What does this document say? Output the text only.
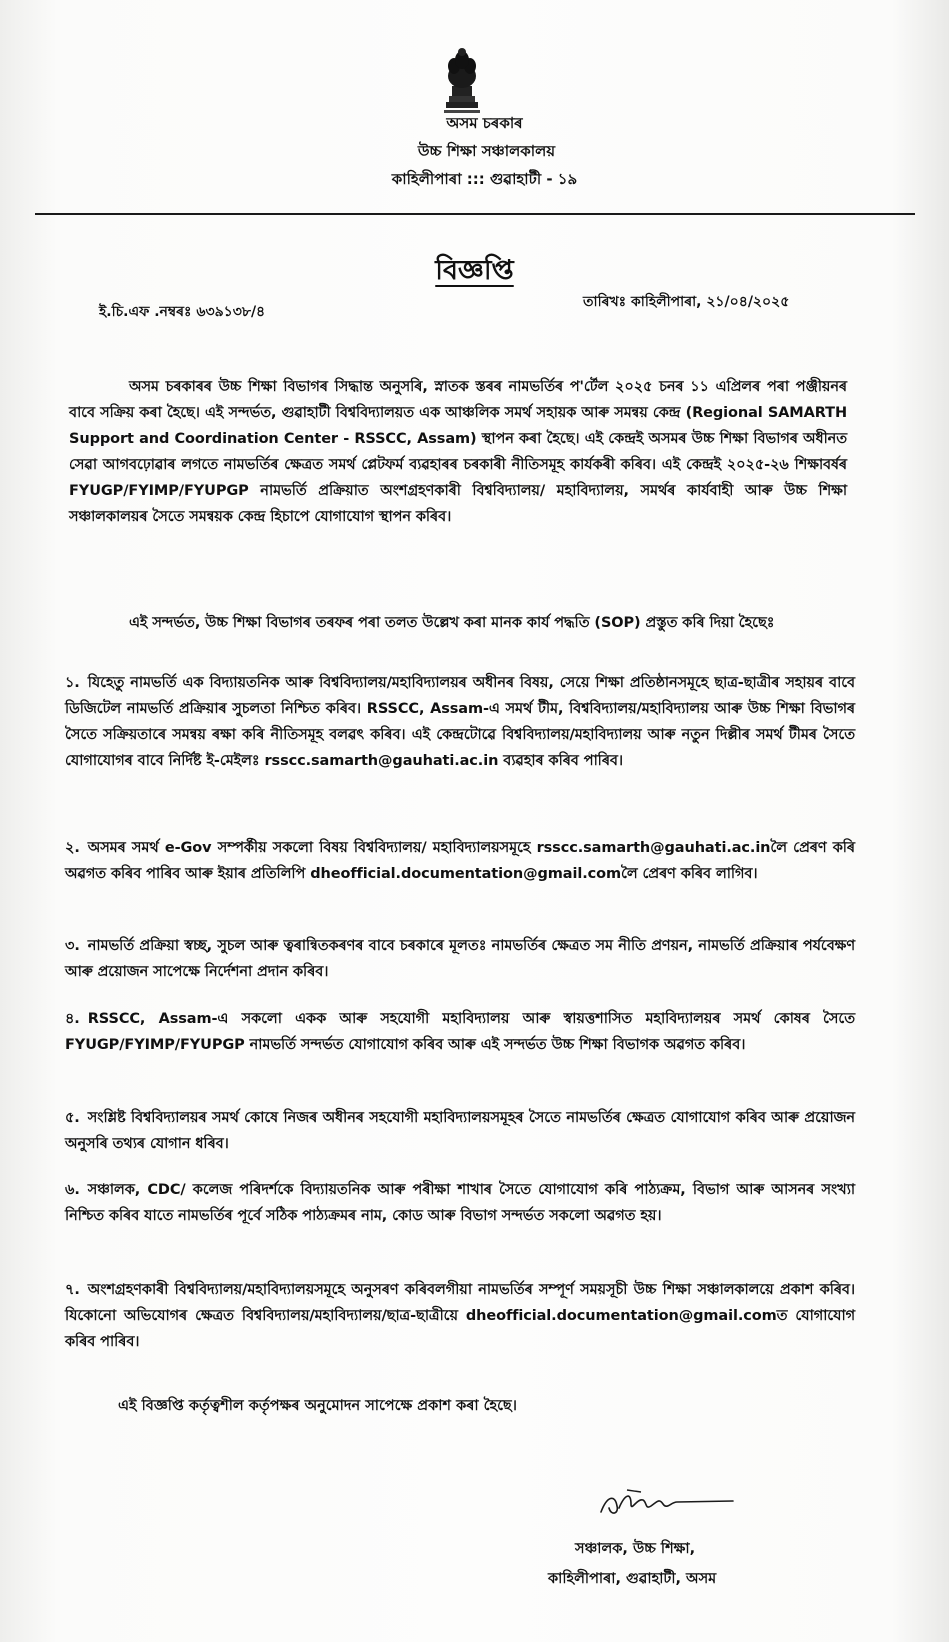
অসম চৰকাৰ
উচ্চ শিক্ষা সঞ্চালকালয়
কাহিলীপাৰা ::: গুৱাহাটী - ১৯
বিজ্ঞপ্তি
ই.চি.এফ .নম্বৰঃ ৬৩৯১৩৮/৪
তাৰিখঃ কাহিলীপাৰা, ২১/০৪/২০২৫
অসম চৰকাৰৰ উচ্চ শিক্ষা বিভাগৰ সিদ্ধান্ত অনুসৰি, স্নাতক স্তৰৰ নামভৰ্তিৰ প'ৰ্টেল ২০২৫ চনৰ ১১ এপ্ৰিলৰ পৰা পঞ্জীয়নৰ বাবে সক্ৰিয় কৰা হৈছে। এই সন্দৰ্ভত, গুৱাহাটী বিশ্ববিদ্যালয়ত এক আঞ্চলিক সমৰ্থ সহায়ক আৰু সমন্বয় কেন্দ্ৰ (Regional SAMARTH Support and Coordination Center - RSSCC, Assam) স্থাপন কৰা হৈছে। এই কেন্দ্ৰই অসমৰ উচ্চ শিক্ষা বিভাগৰ অধীনত সেৱা আগবঢ়োৱাৰ লগতে নামভৰ্তিৰ ক্ষেত্ৰত সমৰ্থ প্লেটফৰ্ম ব্যৱহাৰৰ চৰকাৰী নীতিসমূহ কাৰ্যকৰী কৰিব। এই কেন্দ্ৰই ২০২৫-২৬ শিক্ষাবৰ্ষৰ FYUGP/FYIMP/FYUPGP নামভৰ্তি প্ৰক্ৰিয়াত অংশগ্ৰহণকাৰী বিশ্ববিদ্যালয়/ মহাবিদ্যালয়, সমৰ্থৰ কাৰ্যবাহী আৰু উচ্চ শিক্ষা সঞ্চালকালয়ৰ সৈতে সমন্বয়ক কেন্দ্ৰ হিচাপে যোগাযোগ স্থাপন কৰিব।
এই সন্দৰ্ভত, উচ্চ শিক্ষা বিভাগৰ তৰফৰ পৰা তলত উল্লেখ কৰা মানক কাৰ্য পদ্ধতি (SOP) প্ৰস্তুত কৰি দিয়া হৈছেঃ
১. যিহেতু নামভৰ্তি এক বিদ্যায়তনিক আৰু বিশ্ববিদ্যালয়/মহাবিদ্যালয়ৰ অধীনৰ বিষয়, সেয়ে শিক্ষা প্ৰতিষ্ঠানসমূহে ছাত্ৰ-ছাত্ৰীৰ সহায়ৰ বাবে ডিজিটেল নামভৰ্তি প্ৰক্ৰিয়াৰ সুচলতা নিশ্চিত কৰিব। RSSCC, Assam-এ সমৰ্থ টীম, বিশ্ববিদ্যালয়/মহাবিদ্যালয় আৰু উচ্চ শিক্ষা বিভাগৰ সৈতে সক্ৰিয়তাৰে সমন্বয় ৰক্ষা কৰি নীতিসমূহ বলৱৎ কৰিব। এই কেন্দ্ৰটোৱে বিশ্ববিদ্যালয়/মহাবিদ্যালয় আৰু নতুন দিল্লীৰ সমৰ্থ টীমৰ সৈতে যোগাযোগৰ বাবে নিৰ্দিষ্ট ই-মেইলঃ rsscc.samarth@gauhati.ac.in ব্যৱহাৰ কৰিব পাৰিব।
২. অসমৰ সমৰ্থ e-Gov সম্পৰ্কীয় সকলো বিষয় বিশ্ববিদ্যালয়/ মহাবিদ্যালয়সমূহে rsscc.samarth@gauhati.ac.inলৈ প্ৰেৰণ কৰি অৱগত কৰিব পাৰিব আৰু ইয়াৰ প্ৰতিলিপি dheofficial.documentation@gmail.comলৈ প্ৰেৰণ কৰিব লাগিব।
৩. নামভৰ্তি প্ৰক্ৰিয়া স্বচ্ছ, সুচল আৰু ত্বৰান্বিতকৰণৰ বাবে চৰকাৰে মূলতঃ নামভৰ্তিৰ ক্ষেত্ৰত সম নীতি প্ৰণয়ন, নামভৰ্তি প্ৰক্ৰিয়াৰ পৰ্যবেক্ষণ আৰু প্ৰয়োজন সাপেক্ষে নিৰ্দেশনা প্ৰদান কৰিব।
৪. RSSCC, Assam-এ সকলো একক আৰু সহযোগী মহাবিদ্যালয় আৰু স্বায়ত্তশাসিত মহাবিদ্যালয়ৰ সমৰ্থ কোষৰ সৈতে FYUGP/FYIMP/FYUPGP নামভৰ্তি সন্দৰ্ভত যোগাযোগ কৰিব আৰু এই সন্দৰ্ভত উচ্চ শিক্ষা বিভাগক অৱগত কৰিব।
৫. সংশ্লিষ্ট বিশ্ববিদ্যালয়ৰ সমৰ্থ কোষে নিজৰ অধীনৰ সহযোগী মহাবিদ্যালয়সমূহৰ সৈতে নামভৰ্তিৰ ক্ষেত্ৰত যোগাযোগ কৰিব আৰু প্ৰয়োজন অনুসৰি তথ্যৰ যোগান ধৰিব।
৬. সঞ্চালক, CDC/ কলেজ পৰিদৰ্শকে বিদ্যায়তনিক আৰু পৰীক্ষা শাখাৰ সৈতে যোগাযোগ কৰি পাঠ্যক্ৰম, বিভাগ আৰু আসনৰ সংখ্যা নিশ্চিত কৰিব যাতে নামভৰ্তিৰ পূৰ্বে সঠিক পাঠ্যক্ৰমৰ নাম, কোড আৰু বিভাগ সন্দৰ্ভত সকলো অৱগত হয়।
৭. অংশগ্ৰহণকাৰী বিশ্ববিদ্যালয়/মহাবিদ্যালয়সমূহে অনুসৰণ কৰিবলগীয়া নামভৰ্তিৰ সম্পূৰ্ণ সময়সূচী উচ্চ শিক্ষা সঞ্চালকালয়ে প্ৰকাশ কৰিব। যিকোনো অভিযোগৰ ক্ষেত্ৰত বিশ্ববিদ্যালয়/মহাবিদ্যালয়/ছাত্ৰ-ছাত্ৰীয়ে dheofficial.documentation@gmail.comত যোগাযোগ কৰিব পাৰিব।
এই বিজ্ঞপ্তি কৰ্তৃত্বশীল কৰ্তৃপক্ষৰ অনুমোদন সাপেক্ষে প্ৰকাশ কৰা হৈছে।
সঞ্চালক, উচ্চ শিক্ষা,
কাহিলীপাৰা, গুৱাহাটী, অসম
